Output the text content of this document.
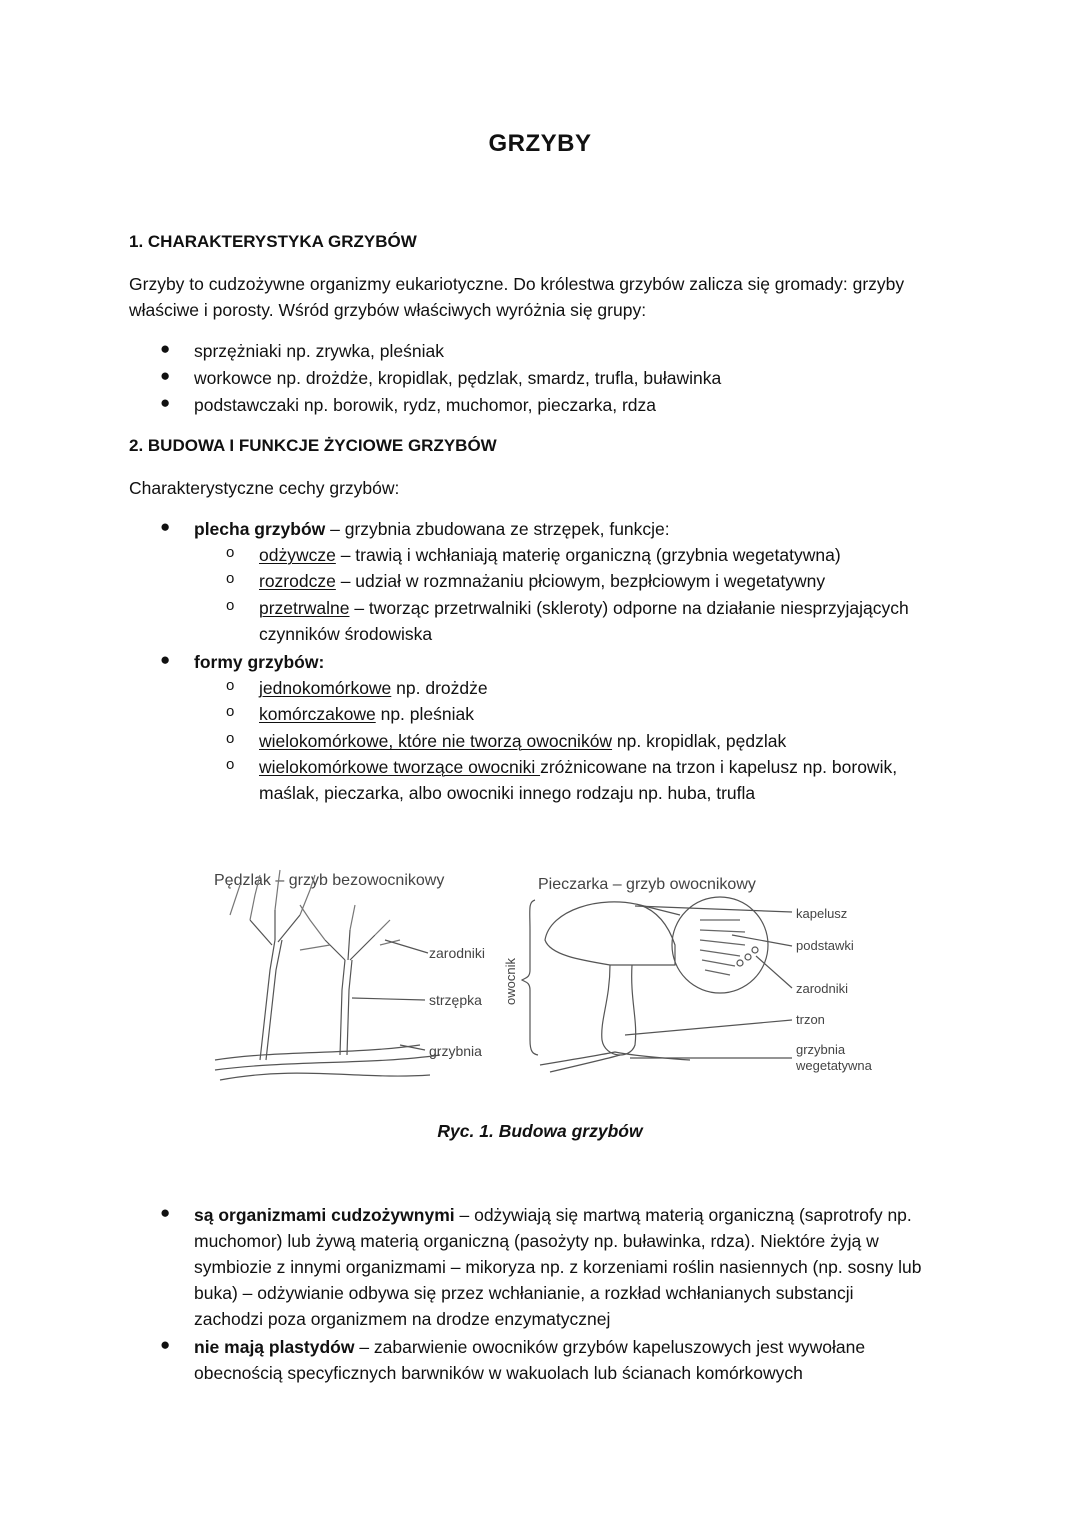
GRZYBY
1. CHARAKTERYSTYKA GRZYBÓW
Grzyby to cudzożywne organizmy eukariotyczne. Do królestwa grzybów zalicza się gromady: grzyby
właściwe i porosty. Wśród grzybów właściwych wyróżnia się grupy:
● sprzężniaki np. zrywka, pleśniak
● workowce np. drożdże, kropidlak, pędzlak, smardz, trufla, buławinka
● podstawczaki np. borowik, rydz, muchomor, pieczarka, rdza
2. BUDOWA I FUNKCJE ŻYCIOWE GRZYBÓW
Charakterystyczne cechy grzybów:
● plecha grzybów – grzybnia zbudowana ze strzępek, funkcje:
o odżywcze – trawią i wchłaniają materię organiczną (grzybnia wegetatywna)
o rozrodcze – udział w rozmnażaniu płciowym, bezpłciowym i wegetatywny
o przetrwalne – tworząc przetrwalniki (skleroty) odporne na działanie niesprzyjających
czynników środowiska
● formy grzybów:
o jednokomórkowe np. drożdże
o komórczakowe np. pleśniak
o wielokomórkowe, które nie tworzą owocników np. kropidlak, pędzlak
o wielokomórkowe tworzące owocniki zróżnicowane na trzon i kapelusz np. borowik,
maślak, pieczarka, albo owocniki innego rodzaju np. huba, trufla
Pędzlak – grzyb bezowocnikowy	Pieczarka – grzyb owocnikowy
zarodniki
strzępka
grzybnia
owocnik
kapelusz
podstawki
zarodniki
trzon
grzybnia
wegetatywna
Ryc. 1. Budowa grzybów
● są organizmami cudzożywnymi – odżywiają się martwą materią organiczną (saprotrofy np.
muchomor) lub żywą materią organiczną (pasożyty np. buławinka, rdza). Niektóre żyją w
symbiozie z innymi organizmami – mikoryza np. z korzeniami roślin nasiennych (np. sosny lub
buka) – odżywianie odbywa się przez wchłanianie, a rozkład wchłanianych substancji
zachodzi poza organizmem na drodze enzymatycznej
● nie mają plastydów – zabarwienie owocników grzybów kapeluszowych jest wywołane
obecnością specyficznych barwników w wakuolach lub ścianach komórkowych
